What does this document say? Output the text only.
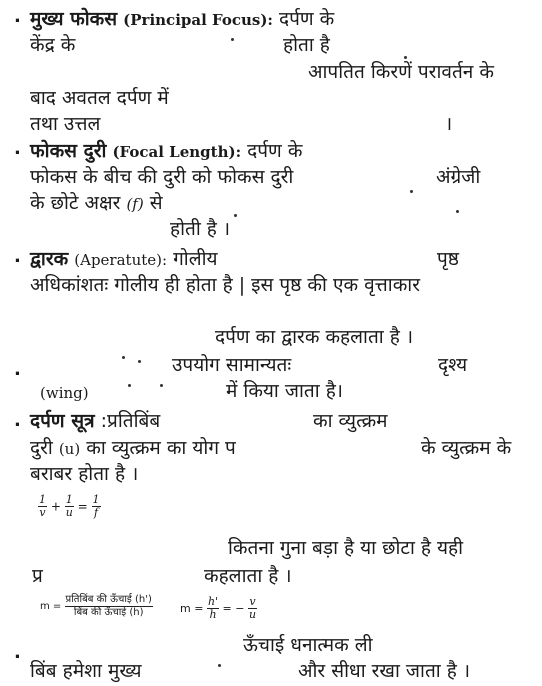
. मुख्य फोकस (Principal Focus): दर्पण के
केंद्र के	होता है
आपतित किरणें परावर्तन के
बाद अवतल दर्पण में
तथा उत्तल	।
. फोकस दुरी (Focal Length): दर्पण के
फोकस के बीच की दुरी को फोकस दुरी	अंग्रेजी
के छोटे अक्षर (f) से
होती है ।
. द्वारक (Aperatute): गोलीय	पृष्ठ
अधिकांशतः गोलीय ही होता है | इस पृष्ठ की एक वृत्ताकार
दर्पण का द्वारक कहलाता है ।
.	उपयोग सामान्यतः	दृश्य
(wing)	में किया जाता है।
. दर्पण सूत्र :प्रतिबिंब	का व्युत्क्रम
दुरी (u) का व्युत्क्रम का योग प	के व्युत्क्रम के
बराबर होता है ।
$\frac{1}{v} + \frac{1}{u} = \frac{1}{f}$
कितना गुना बड़ा है या छोटा है यही
प्र	कहलाता है ।
$m = \frac{\text{प्रतिबिंब की ऊँचाई (h')}}{\text{बिंब की ऊँचाई (h)}}$ $m = \frac{h'}{h}$ = − $\frac{v}{u}$
.	ऊँचाई धनात्मक ली
बिंब हमेशा मुख्य	और सीधा रखा जाता है ।
